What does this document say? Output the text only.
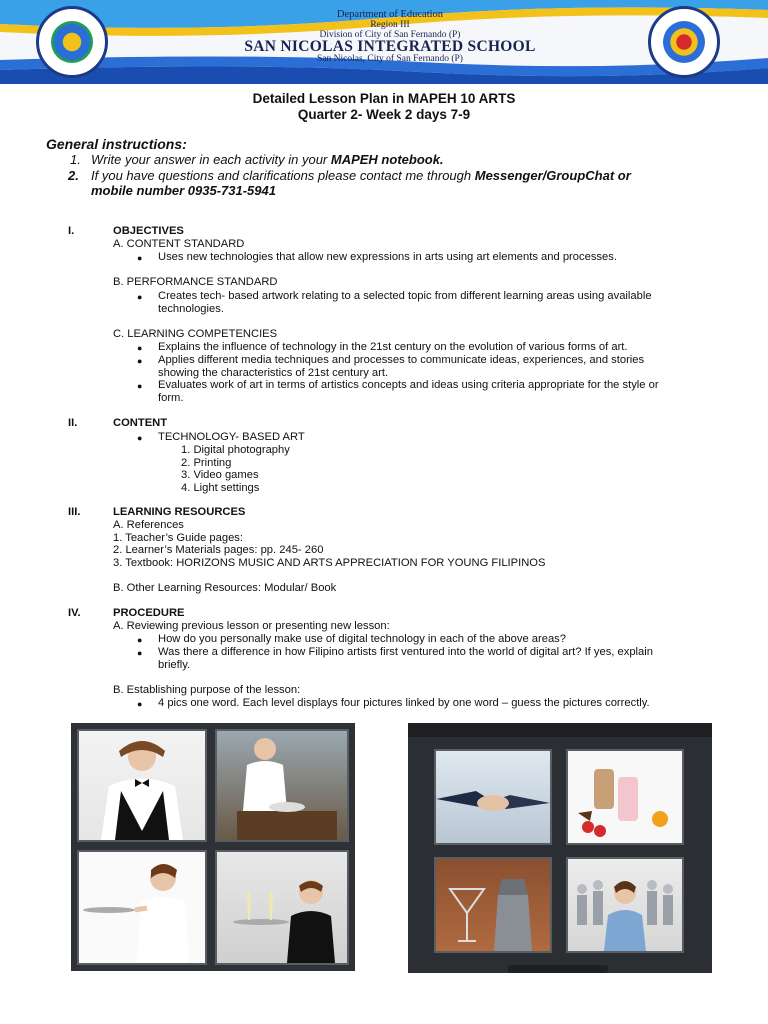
Department of Education
Region III
Division of City of San Fernando (P)
SAN NICOLAS INTEGRATED SCHOOL
San Nicolas, City of San Fernando (P)
Detailed Lesson Plan in MAPEH 10 ARTS
Quarter 2- Week 2 days 7-9
General instructions:
1. Write your answer in each activity in your MAPEH notebook.
2. If you have questions and clarifications please contact me through Messenger/GroupChat or
mobile number 0935-731-5941
I.	OBJECTIVES
A. CONTENT STANDARD
● Uses new technologies that allow new expressions in arts using art elements and processes.
B. PERFORMANCE STANDARD
● Creates tech- based artwork relating to a selected topic from different learning areas using available
technologies.
C. LEARNING COMPETENCIES
● Explains the influence of technology in the 21st century on the evolution of various forms of art.
● Applies different media techniques and processes to communicate ideas, experiences, and stories
showing the characteristics of 21st century art.
● Evaluates work of art in terms of artistics concepts and ideas using criteria appropriate for the style or
form.
II.	CONTENT
● TECHNOLOGY- BASED ART
1. Digital photography
2. Printing
3. Video games
4. Light settings
III.	LEARNING RESOURCES
A. References
1. Teacher’s Guide pages:
2. Learner’s Materials pages: pp. 245- 260
3. Textbook: HORIZONS MUSIC AND ARTS APPRECIATION FOR YOUNG FILIPINOS
B. Other Learning Resources: Modular/ Book
IV.	PROCEDURE
A. Reviewing previous lesson or presenting new lesson:
● How do you personally make use of digital technology in each of the above areas?
● Was there a difference in how Filipino artists first ventured into the world of digital art? If yes, explain
briefly.
B. Establishing purpose of the lesson:
● 4 pics one word. Each level displays four pictures linked by one word – guess the pictures correctly.
